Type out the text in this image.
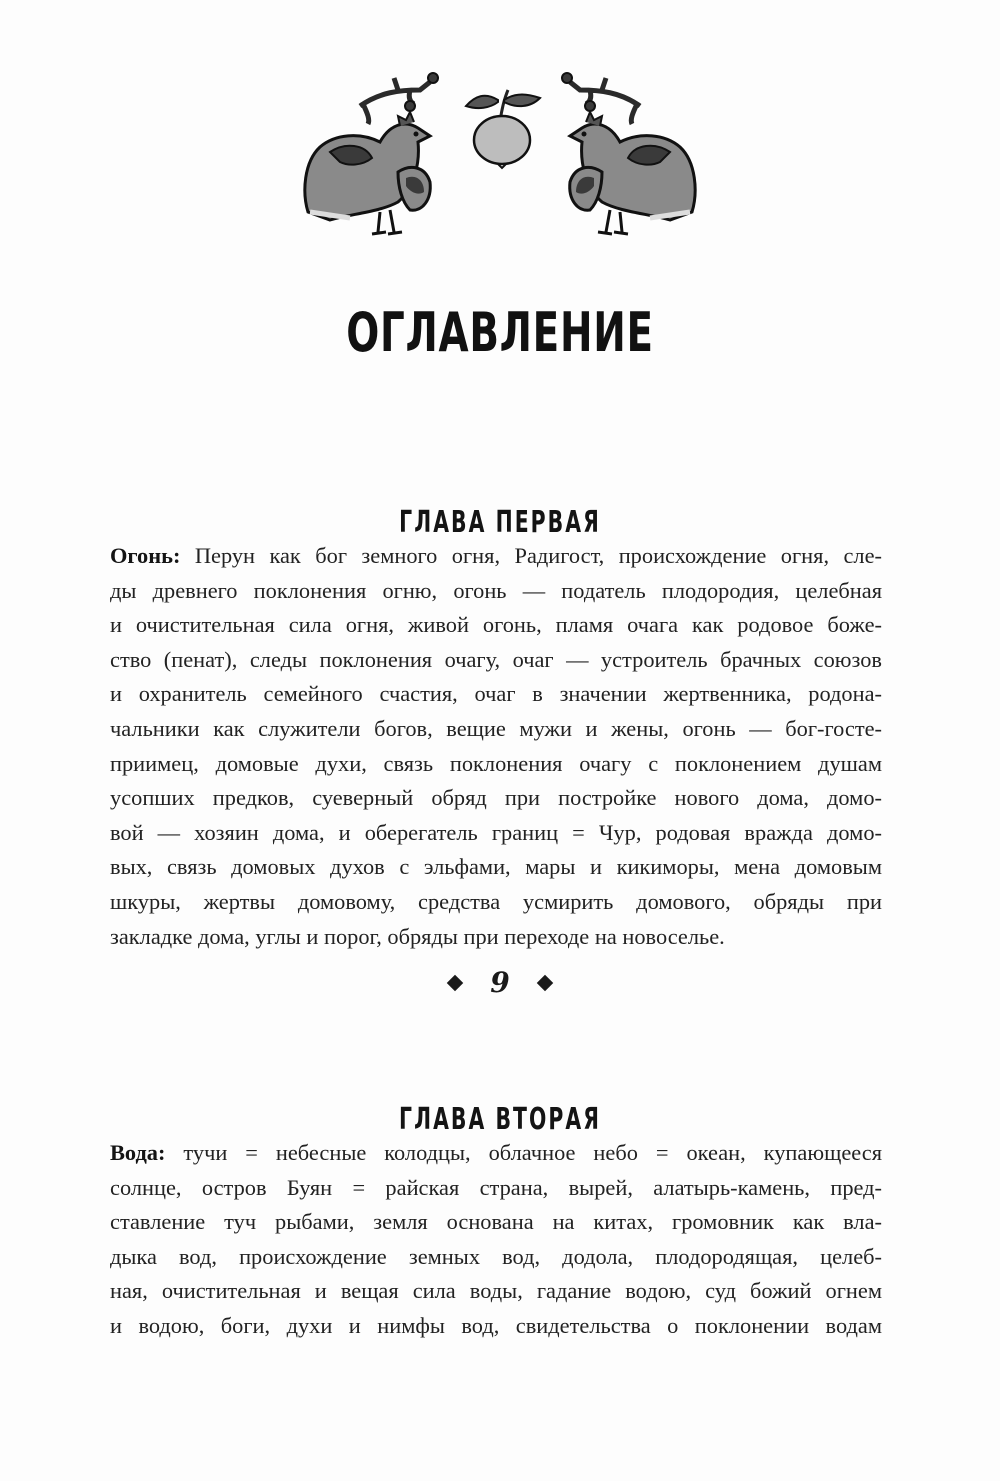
ОГЛАВЛЕНИЕ
ГЛАВА ПЕРВАЯ
Огонь: Перун как бог земного огня, Радигост, происхождение огня, сле-
ды древнего поклонения огню, огонь — податель плодородия, целебная
и очистительная сила огня, живой огонь, пламя очага как родовое боже-
ство (пенат), следы поклонения очагу, очаг — устроитель брачных союзов
и охранитель семейного счастия, очаг в значении жертвенника, родона-
чальники как служители богов, вещие мужи и жены, огонь — бог-госте-
приимец, домовые духи, связь поклонения очагу с поклонением душам
усопших предков, суеверный обряд при постройке нового дома, домо-
вой — хозяин дома, и оберегатель границ = Чур, родовая вражда домо-
вых, связь домовых духов с эльфами, мары и кикиморы, мена домовым
шкуры, жертвы домовому, средства усмирить домового, обряды при
закладке дома, углы и порог, обряды при переходе на новоселье.
9
ГЛАВА ВТОРАЯ
Вода: тучи = небесные колодцы, облачное небо = океан, купающееся
солнце, остров Буян = райская страна, вырей, алатырь-камень, пред-
ставление туч рыбами, земля основана на китах, громовник как вла-
дыка вод, происхождение земных вод, додола, плодородящая, целеб-
ная, очистительная и вещая сила воды, гадание водою, суд божий огнем
и водою, боги, духи и нимфы вод, свидетельства о поклонении водам
